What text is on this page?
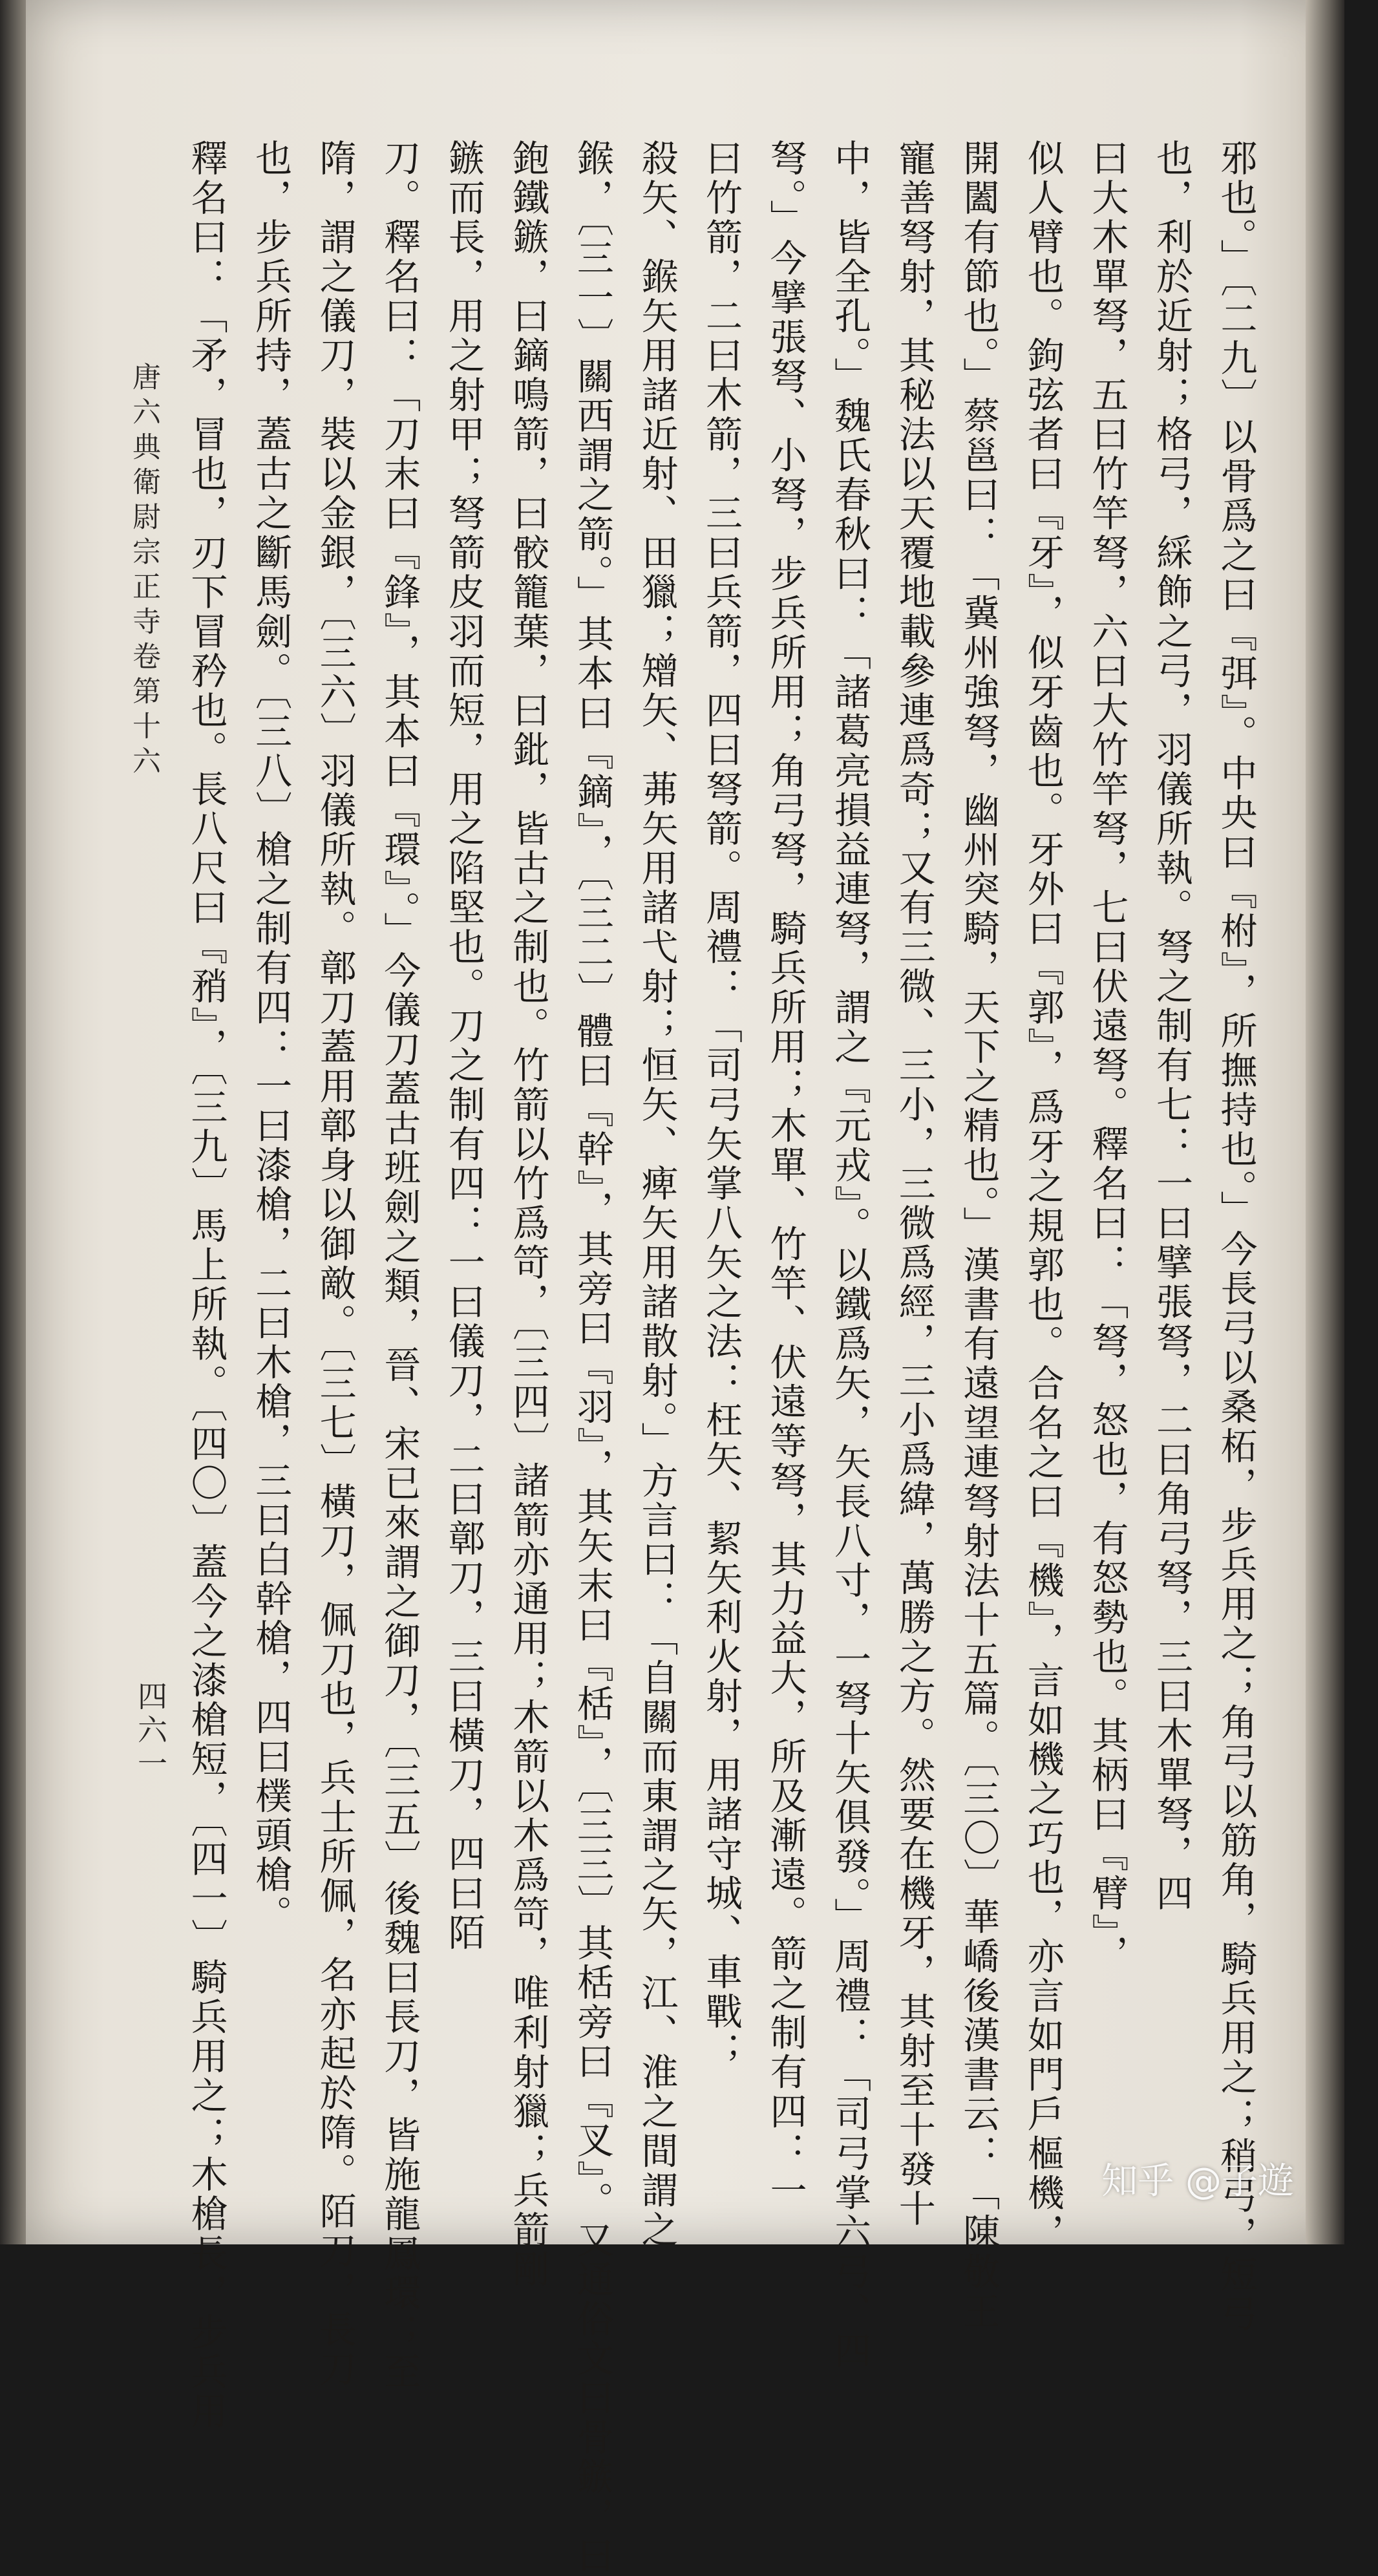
邪也。」〔二九〕以骨爲之曰『弭』。中央曰『柎』，所撫持也。」今長弓以桑柘，步兵用之；角弓以筋角，騎兵用之；稍弓，短弓
也，利於近射；格弓，綵飾之弓，羽儀所執。弩之制有七：一曰擘張弩，二曰角弓弩，三曰木單弩，四
曰大木單弩，五曰竹竿弩，六曰大竹竿弩，七曰伏遠弩。釋名曰：「弩，怒也，有怒勢也。其柄曰『臂』，
似人臂也。鉤弦者曰『牙』，似牙齒也。牙外曰『郭』，爲牙之規郭也。合名之曰『機』，言如機之巧也，亦言如門戶樞機，
開闔有節也。」蔡邕曰：「冀州強弩，幽州突騎，天下之精也。」漢書有遠望連弩射法十五篇。〔三〇〕華嶠後漢書云：「陳敬王
寵善弩射，其秘法以天覆地載參連爲奇；又有三微、三小，三微爲經，三小爲緯，萬勝之方。然要在機牙，其射至十發十
中，皆全孔。」魏氏春秋曰：「諸葛亮損益連弩，謂之『元戎』。以鐵爲矢，矢長八寸，一弩十矢俱發。」周禮：「司弓掌六弓、四
弩。」今擘張弩、小弩，步兵所用；角弓弩，騎兵所用；木單、竹竿、伏遠等弩，其力益大，所及漸遠。箭之制有四：一
曰竹箭，二曰木箭，三曰兵箭，四曰弩箭。周禮：「司弓矢掌八矢之法：枉矢、絜矢利火射，用諸守城、車戰；
殺矢、鍭矢用諸近射、田獵；矰矢、茀矢用諸弋射；恒矢、痺矢用諸散射。」方言曰：「自關而東謂之矢，江、淮之間謂之
鍭，〔三一〕關西謂之箭。」其本曰『鏑』，〔三二〕體曰『幹』，其旁曰『羽』，其矢末曰『栝』，〔三三〕其栝旁曰『叉』。又通俗文曰骨鏃，曰
鉋鐵鏃，曰鏑鳴箭，曰骹籠葉，曰鈚，皆古之制也。竹箭以竹爲笴，〔三四〕諸箭亦通用；木箭以木爲笴，唯利射獵；兵箭剛
鏃而長，用之射甲；弩箭皮羽而短，用之陷堅也。刀之制有四：一曰儀刀，二曰鄣刀，三曰橫刀，四曰陌
刀。釋名曰：「刀末曰『鋒』，其本曰『環』。」今儀刀蓋古班劍之類，晉、宋已來謂之御刀，〔三五〕後魏曰長刀，皆施龍鳳環；至
隋，謂之儀刀，裝以金銀，〔三六〕羽儀所執。鄣刀蓋用鄣身以御敵。〔三七〕橫刀，佩刀也，兵士所佩，名亦起於隋。陌刀，長刀
也，步兵所持，蓋古之斷馬劍。〔三八〕槍之制有四：一曰漆槍，二曰木槍，三曰白幹槍，四曰樸頭槍。
釋名曰：「矛，冒也，刃下冒矜也。長八尺曰『矟』，〔三九〕馬上所執。〔四〇〕蓋今之漆槍短，〔四一〕騎兵用之；木槍長，步兵用
唐六典衛尉宗正寺卷第十六
四六一
知乎 @子遊
